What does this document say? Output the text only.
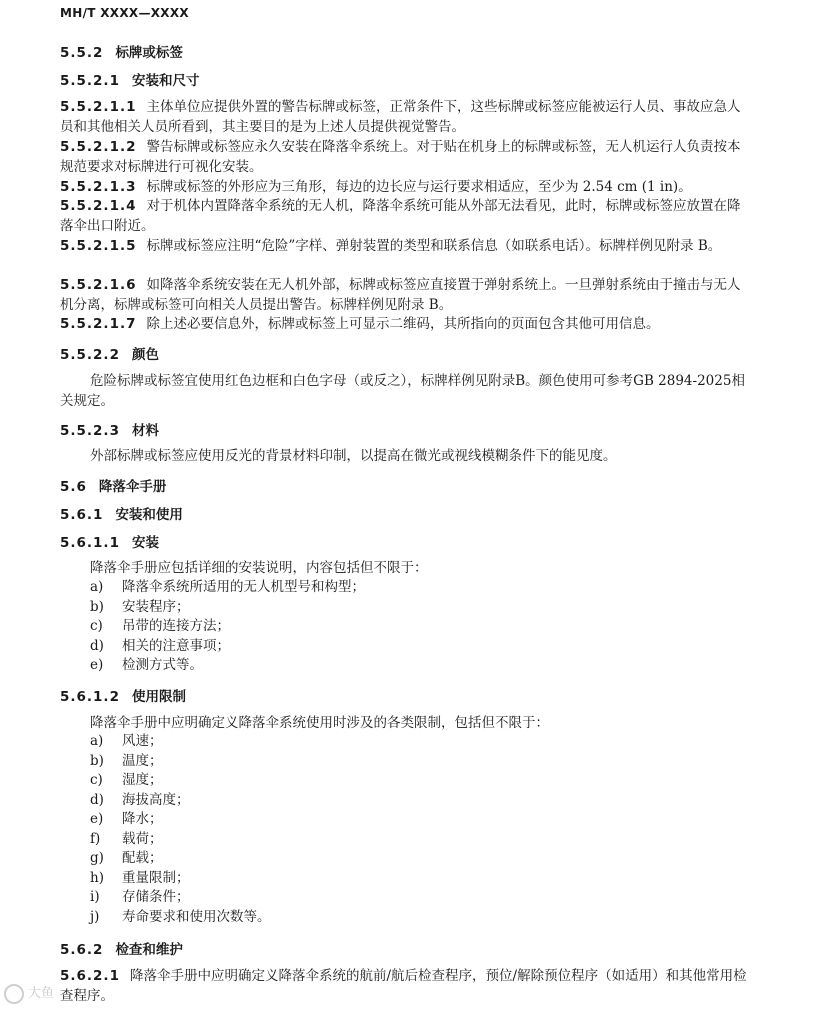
MH/T XXXX—XXXX
5.5.2 标牌或标签
5.5.2.1 安装和尺寸
5.5.2.1.1 主体单位应提供外置的警告标牌或标签，正常条件下，这些标牌或标签应能被运行人员、事故应急人员和其他相关人员所看到，其主要目的是为上述人员提供视觉警告。
5.5.2.1.2 警告标牌或标签应永久安装在降落伞系统上。对于贴在机身上的标牌或标签，无人机运行人负责按本规范要求对标牌进行可视化安装。
5.5.2.1.3 标牌或标签的外形应为三角形，每边的边长应与运行要求相适应，至少为 2.54 cm (1 in)。
5.5.2.1.4 对于机体内置降落伞系统的无人机，降落伞系统可能从外部无法看见，此时，标牌或标签应放置在降落伞出口附近。
5.5.2.1.5 标牌或标签应注明“危险”字样、弹射装置的类型和联系信息（如联系电话）。标牌样例见附录 B。
5.5.2.1.6 如降落伞系统安装在无人机外部，标牌或标签应直接置于弹射系统上。一旦弹射系统由于撞击与无人机分离，标牌或标签可向相关人员提出警告。标牌样例见附录 B。
5.5.2.1.7 除上述必要信息外，标牌或标签上可显示二维码，其所指向的页面包含其他可用信息。
5.5.2.2 颜色
危险标牌或标签宜使用红色边框和白色字母（或反之），标牌样例见附录B。颜色使用可参考GB 2894-2025相关规定。
5.5.2.3 材料
外部标牌或标签应使用反光的背景材料印制，以提高在微光或视线模糊条件下的能见度。
5.6 降落伞手册
5.6.1 安装和使用
5.6.1.1 安装
降落伞手册应包括详细的安装说明，内容包括但不限于：
a) 降落伞系统所适用的无人机型号和构型；
b) 安装程序；
c) 吊带的连接方法；
d) 相关的注意事项；
e) 检测方式等。
5.6.1.2 使用限制
降落伞手册中应明确定义降落伞系统使用时涉及的各类限制，包括但不限于：
a) 风速；
b) 温度；
c) 湿度；
d) 海拔高度；
e) 降水；
f) 载荷；
g) 配载；
h) 重量限制；
i) 存储条件；
j) 寿命要求和使用次数等。
5.6.2 检查和维护
5.6.2.1 降落伞手册中应明确定义降落伞系统的航前/航后检查程序，预位/解除预位程序（如适用）和其他常用检查程序。
大鱼
